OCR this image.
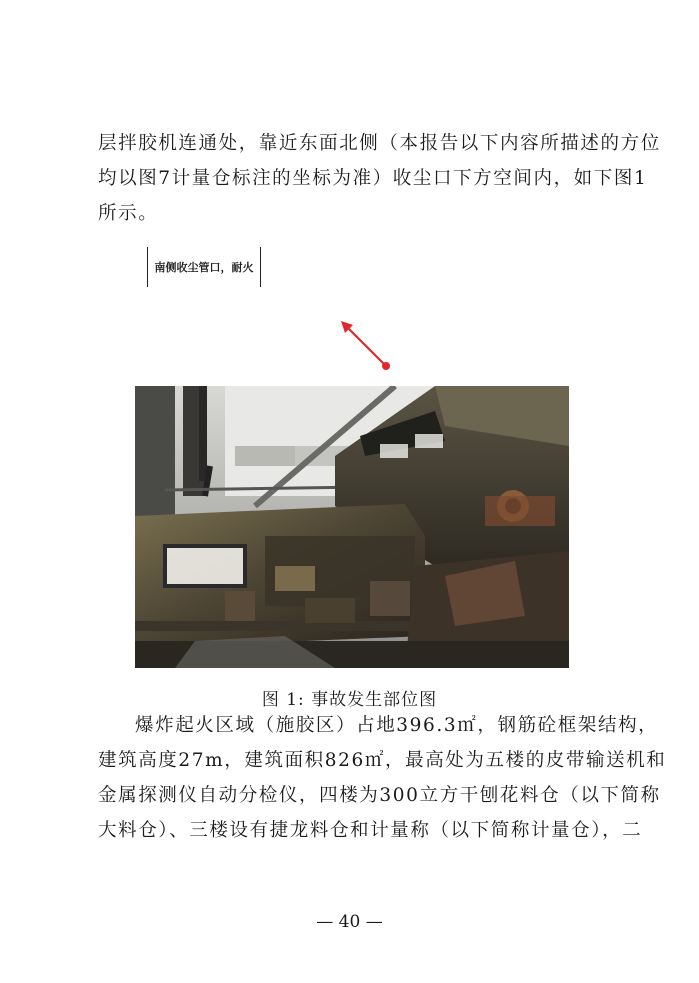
层拌胶机连通处，靠近东面北侧（本报告以下内容所描述的方位
均以图7计量仓标注的坐标为准）收尘口下方空间内，如下图1
所示。
南侧收尘管口，耐火
图 1: 事故发生部位图
爆炸起火区域（施胶区）占地396.3㎡，钢筋砼框架结构，
建筑高度27m，建筑面积826㎡，最高处为五楼的皮带输送机和
金属探测仪自动分检仪，四楼为300立方干刨花料仓（以下简称
大料仓）、三楼设有捷龙料仓和计量称（以下简称计量仓），二
— 40 —
